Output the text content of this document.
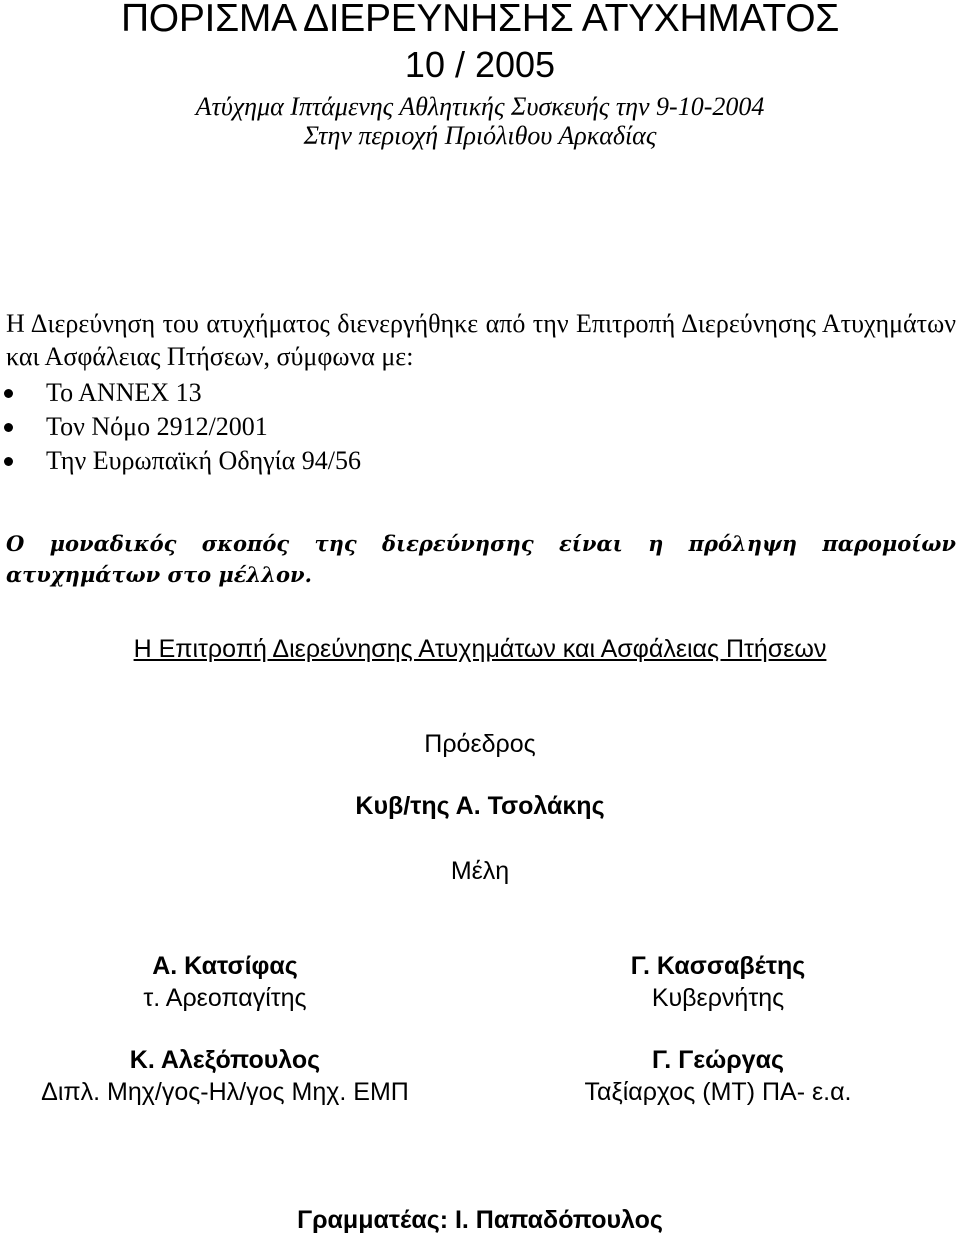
ΠΟΡΙΣΜΑ ΔΙΕΡΕΥΝΗΣΗΣ ΑΤΥΧΗΜΑΤΟΣ
10 / 2005
Ατύχημα Ιπτάμενης Αθλητικής Συσκευής την 9-10-2004
Στην περιοχή Πριόλιθου Αρκαδίας

Η Διερεύνηση του ατυχήματος διενεργήθηκε από την Επιτροπή Διερεύνησης Ατυχημάτων και Ασφάλειας Πτήσεων, σύμφωνα με:

Το ΑΝΝΕΧ 13
Τον Νόμο 2912/2001
Την Ευρωπαϊκή Οδηγία 94/56

Ο μοναδικός σκοπός της διερεύνησης είναι η πρόληψη παρομοίων ατυχημάτων στο μέλλον.

Η Επιτροπή Διερεύνησης Ατυχημάτων και Ασφάλειας Πτήσεων
Πρόεδρος
Κυβ/της Α. Τσολάκης
Μέλη
Α. Κατσίφας
τ. Αρεοπαγίτης
Γ. Κασσαβέτης
Κυβερνήτης
Κ. Αλεξόπουλος
Διπλ. Μηχ/γος-Ηλ/γος Μηχ. ΕΜΠ
Γ. Γεώργας
Ταξίαρχος (ΜΤ) ΠΑ- ε.α.
Γραμματέας: Ι. Παπαδόπουλος
